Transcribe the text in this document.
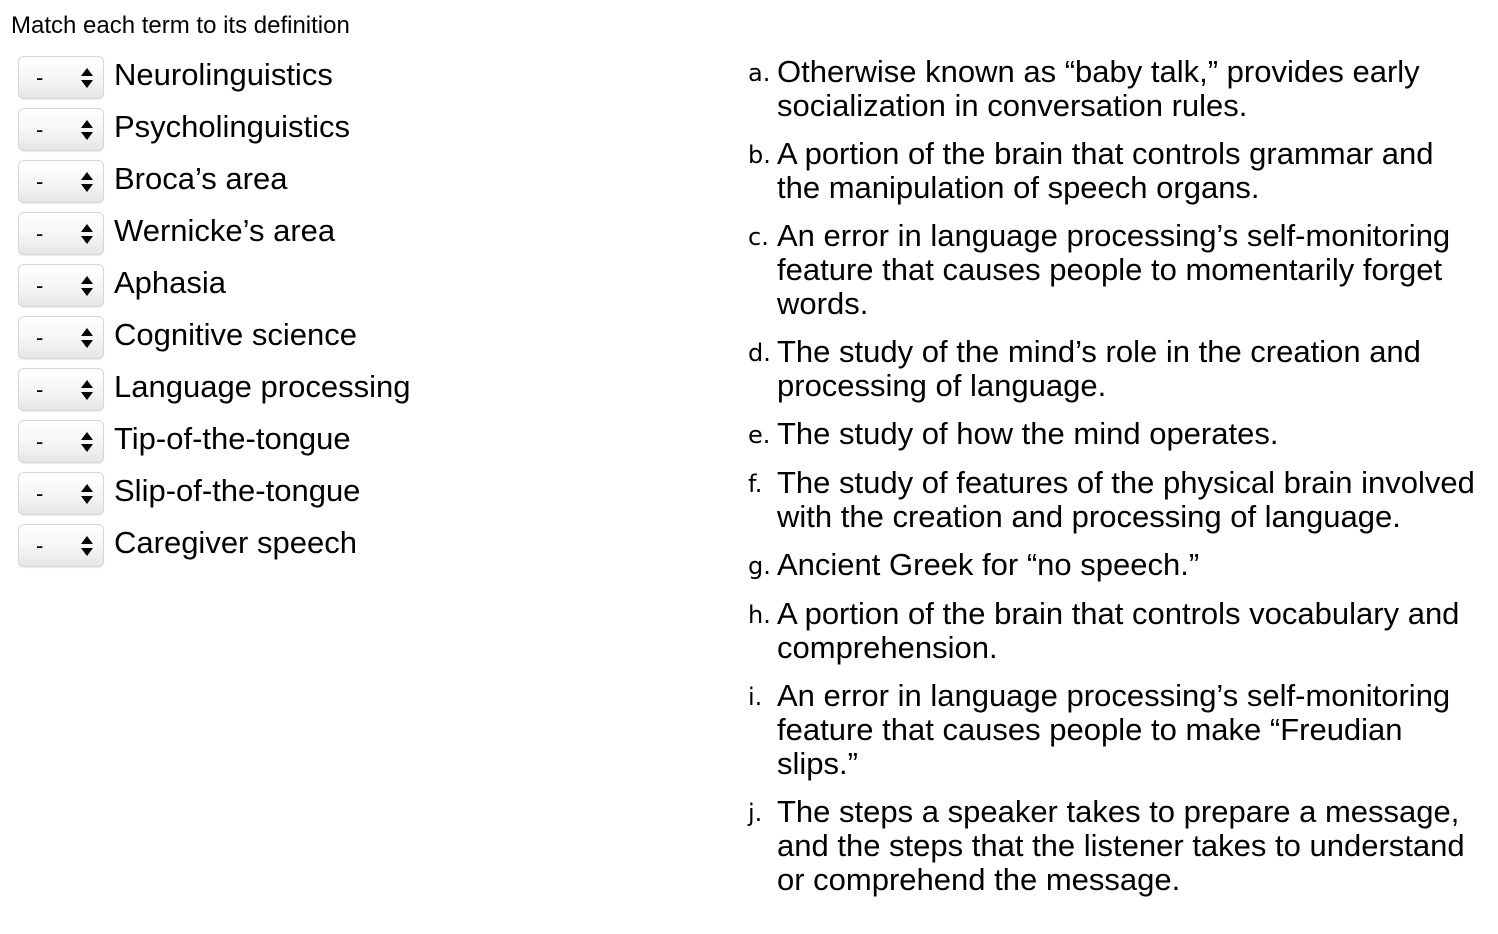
Match each term to its definition

- Neurolinguistics
- Psycholinguistics
- Broca’s area
- Wernicke’s area
- Aphasia
- Cognitive science
- Language processing
- Tip-of-the-tongue
- Slip-of-the-tongue
- Caregiver speech
a. Otherwise known as “baby talk,” provides early socialization in conversation rules.
b. A portion of the brain that controls grammar and the manipulation of speech organs.
c. An error in language processing’s self-monitoring feature that causes people to momentarily forget words.
d. The study of the mind’s role in the creation and processing of language.
e. The study of how the mind operates.
f. The study of features of the physical brain involved with the creation and processing of language.
g. Ancient Greek for “no speech.”
h. A portion of the brain that controls vocabulary and comprehension.
i. An error in language processing’s self-monitoring feature that causes people to make “Freudian slips.”
j. The steps a speaker takes to prepare a message, and the steps that the listener takes to understand or comprehend the message.
